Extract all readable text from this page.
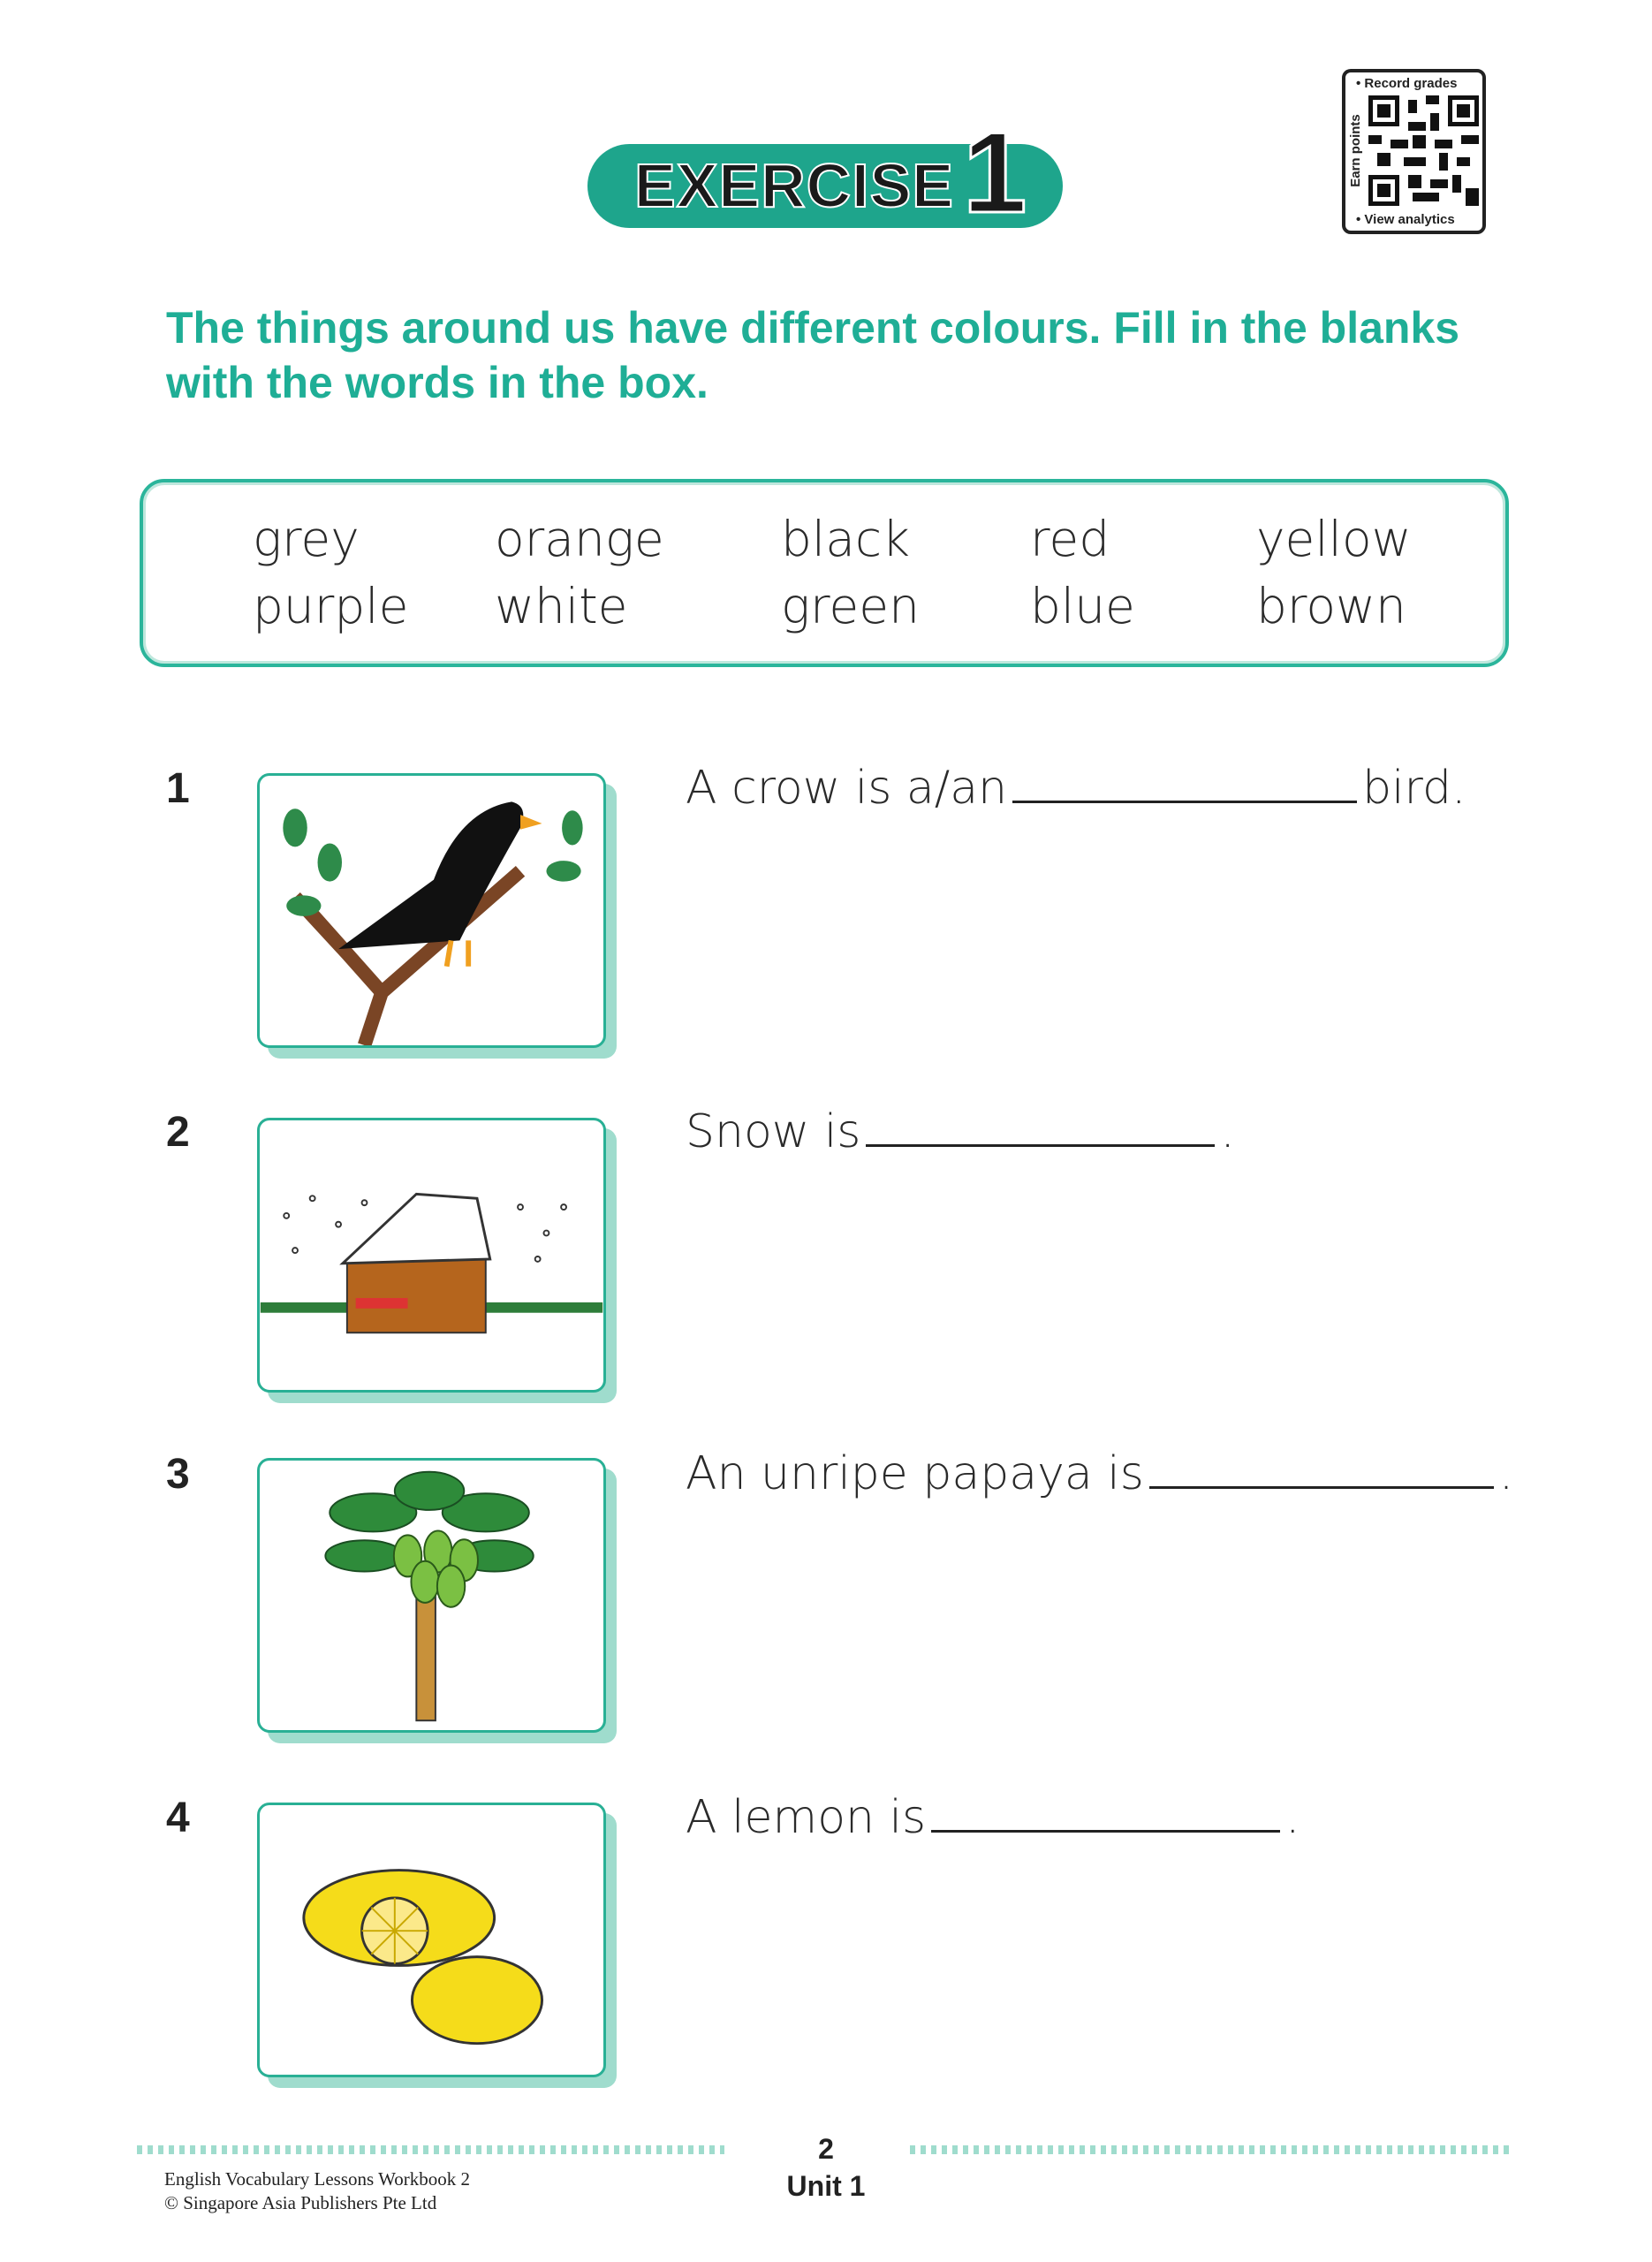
EXERCISE 1
• Record grades
Earn points
• View analytics
The things around us have different colours. Fill in the blanks with the words in the box.
grey	orange black red	yellow
purple white	green blue brown
1	A crow is a/an	bird.
2	Snow is	.
3	An unripe papaya is	.
4	A lemon is	.
2
Unit 1
English Vocabulary Lessons Workbook 2
© Singapore Asia Publishers Pte Ltd
